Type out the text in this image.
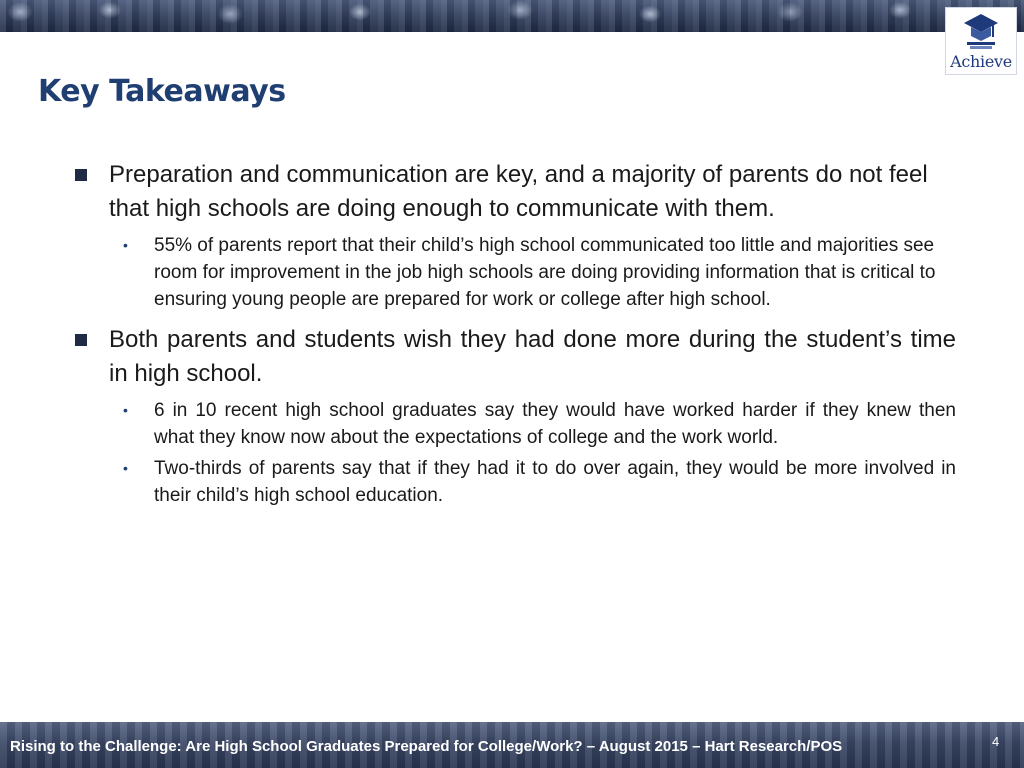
Achieve
Key Takeaways
Preparation and communication are key, and a majority of parents do not feel that high schools are doing enough to communicate with them.
• 55% of parents report that their child’s high school communicated too little and majorities see room for improvement in the job high schools are doing providing information that is critical to ensuring young people are prepared for work or college after high school.
Both parents and students wish they had done more during the student’s time in high school.
• 6 in 10 recent high school graduates say they would have worked harder if they knew then what they know now about the expectations of college and the work world.
• Two-thirds of parents say that if they had it to do over again, they would be more involved in their child’s high school education.
Rising to the Challenge: Are High School Graduates Prepared for College/Work? – August 2015 – Hart Research/POS	4
